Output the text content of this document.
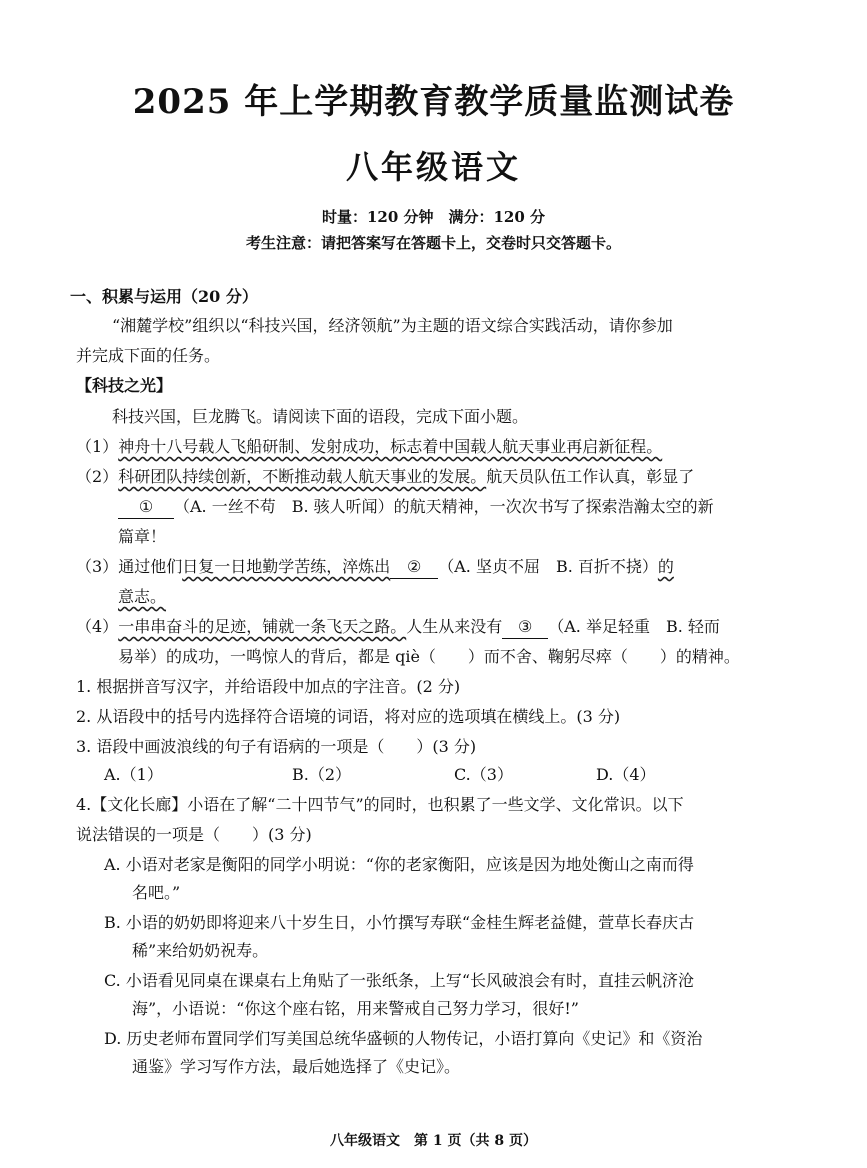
2025 年上学期教育教学质量监测试卷
八年级语文
时量：120 分钟　满分：120 分
考生注意：请把答案写在答题卡上，交卷时只交答题卡。
一、积累与运用（20 分）
“湘麓学校”组织以“科技兴国，经济领航”为主题的语文综合实践活动，请你参加
并完成下面的任务。
【科技之光】
科技兴国，巨龙腾飞。请阅读下面的语段，完成下面小题。
（1）神舟十八号载人飞船研制、发射成功，标志着中国载人航天事业再启新征程。
（2）科研团队持续创新，不断推动载人航天事业的发展。航天员队伍工作认真，彰显了
① （A. 一丝不苟　B. 骇人听闻）的航天精神，一次次书写了探索浩瀚太空的新
篇章！
（3）通过他们日复一日地勤学苦练，淬炼出 ② （A. 坚贞不屈　B. 百折不挠）的
意志。
（4）一串串奋斗的足迹，铺就一条飞天之路。人生从来没有 ③ （A. 举足轻重　B. 轻而
易举）的成功，一鸣惊人的背后，都是 qiè（　　）而不舍、鞠躬尽瘁（　　）的精神。
1. 根据拼音写汉字，并给语段中加点的字注音。(2 分)
2. 从语段中的括号内选择符合语境的词语，将对应的选项填在横线上。(3 分)
3. 语段中画波浪线的句子有语病的一项是（　　）(3 分)
A.（1）	B.（2）	C.（3）	D.（4）
4.【文化长廊】小语在了解“二十四节气”的同时，也积累了一些文学、文化常识。以下
说法错误的一项是（　　）(3 分)
A. 小语对老家是衡阳的同学小明说：“你的老家衡阳，应该是因为地处衡山之南而得
名吧。”
B. 小语的奶奶即将迎来八十岁生日，小竹撰写寿联“金桂生辉老益健，萱草长春庆古
稀”来给奶奶祝寿。
C. 小语看见同桌在课桌右上角贴了一张纸条，上写“长风破浪会有时，直挂云帆济沧
海”，小语说：“你这个座右铭，用来警戒自己努力学习，很好!”
D. 历史老师布置同学们写美国总统华盛顿的人物传记，小语打算向《史记》和《资治
通鉴》学习写作方法，最后她选择了《史记》。
八年级语文　第 1 页（共 8 页）
